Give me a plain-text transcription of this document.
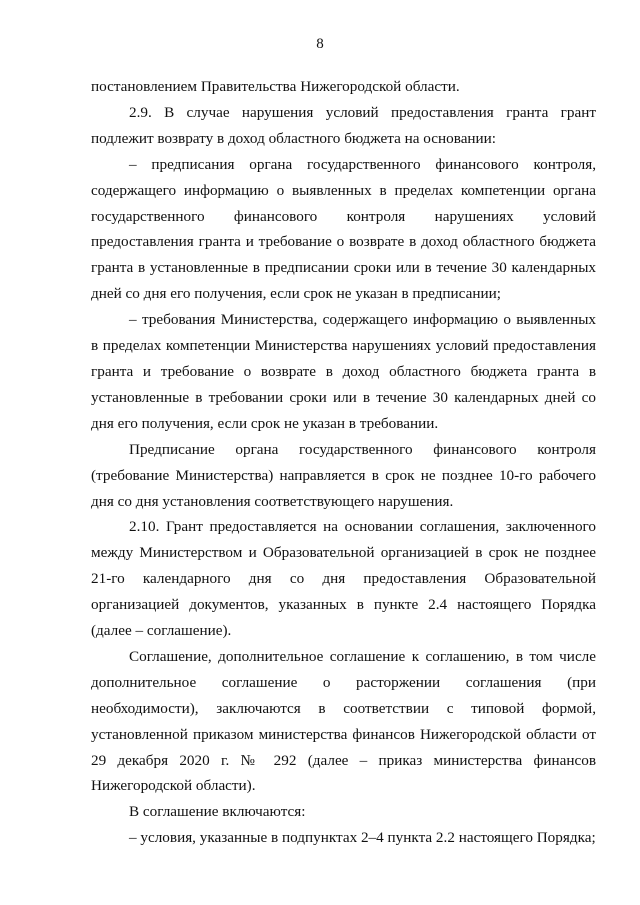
8

постановлением Правительства Нижегородской области.

2.9. В случае нарушения условий предоставления гранта грант подлежит возврату в доход областного бюджета на основании:

– предписания органа государственного финансового контроля, содержащего информацию о выявленных в пределах компетенции органа государственного финансового контроля нарушениях условий предоставления гранта и требование о возврате в доход областного бюджета гранта в установленные в предписании сроки или в течение 30 календарных дней со дня его получения, если срок не указан в предписании;

– требования Министерства, содержащего информацию о выявленных в пределах компетенции Министерства нарушениях условий предоставления гранта и требование о возврате в доход областного бюджета гранта в установленные в требовании сроки или в течение 30 календарных дней со дня его получения, если срок не указан в требовании.

Предписание органа государственного финансового контроля (требование Министерства) направляется в срок не позднее 10-го рабочего дня со дня установления соответствующего нарушения.

2.10. Грант предоставляется на основании соглашения, заключенного между Министерством и Образовательной организацией в срок не позднее 21-го календарного дня со дня предоставления Образовательной организацией документов, указанных в пункте 2.4 настоящего Порядка (далее – соглашение).

Соглашение, дополнительное соглашение к соглашению, в том числе дополнительное соглашение о расторжении соглашения (при необходимости), заключаются в соответствии с типовой формой, установленной приказом министерства финансов Нижегородской области от 29 декабря 2020 г. № 292 (далее – приказ министерства финансов Нижегородской области).

В соглашение включаются:

– условия, указанные в подпунктах 2–4 пункта 2.2 настоящего Порядка;
